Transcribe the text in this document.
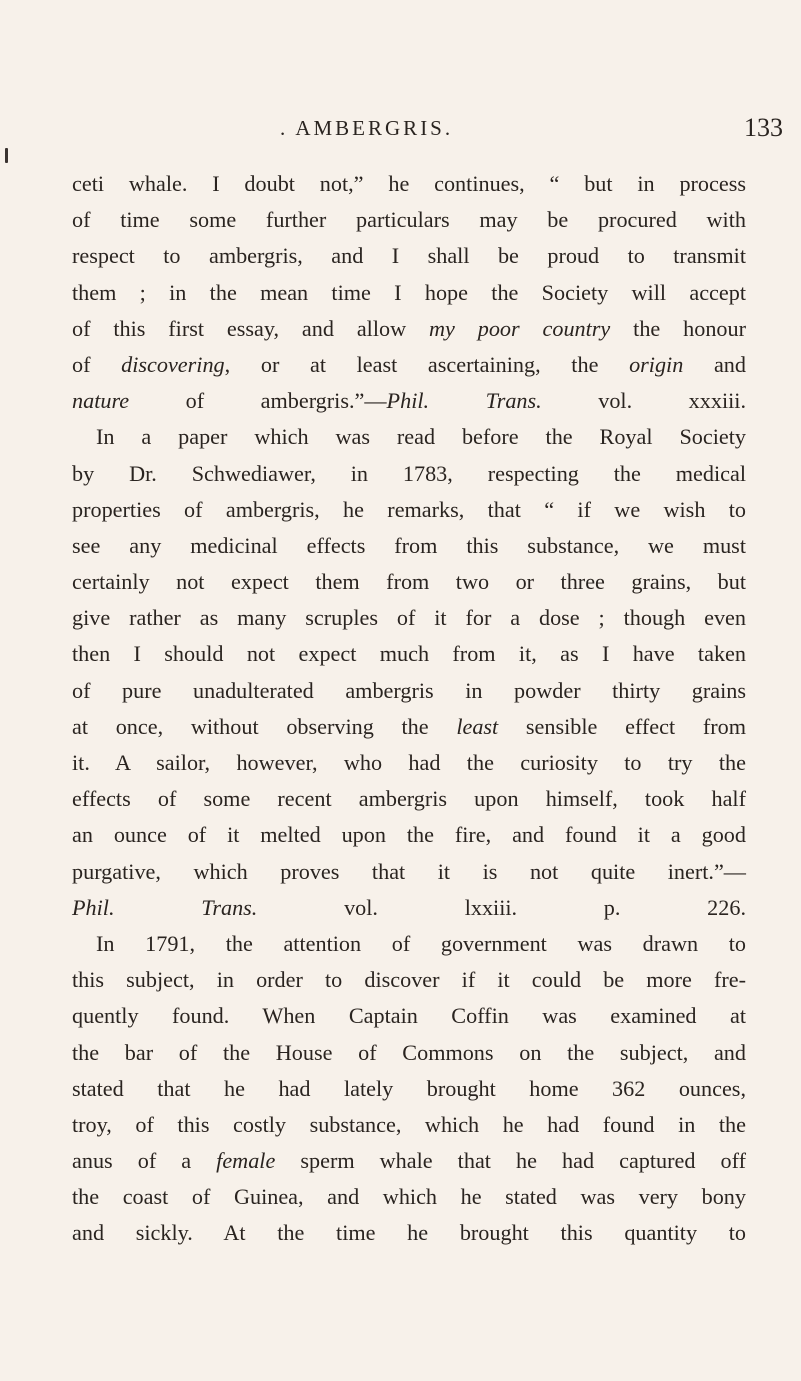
. AMBERGRIS.	133
ceti whale. I doubt not,” he continues, “ but in process
of time some further particulars may be procured with
respect to ambergris, and I shall be proud to transmit
them ; in the mean time I hope the Society will accept
of this first essay, and allow my poor country the honour
of discovering, or at least ascertaining, the origin and
nature of ambergris.”—Phil. Trans. vol. xxxiii.
In a paper which was read before the Royal Society
by Dr. Schwediawer, in 1783, respecting the medical
properties of ambergris, he remarks, that “ if we wish to
see any medicinal effects from this substance, we must
certainly not expect them from two or three grains, but
give rather as many scruples of it for a dose ; though even
then I should not expect much from it, as I have taken
of pure unadulterated ambergris in powder thirty grains
at once, without observing the least sensible effect from
it. A sailor, however, who had the curiosity to try the
effects of some recent ambergris upon himself, took half
an ounce of it melted upon the fire, and found it a good
purgative, which proves that it is not quite inert.”—
Phil. Trans. vol. lxxiii. p. 226.
In 1791, the attention of government was drawn to
this subject, in order to discover if it could be more fre-
quently found. When Captain Coffin was examined at
the bar of the House of Commons on the subject, and
stated that he had lately brought home 362 ounces,
troy, of this costly substance, which he had found in the
anus of a female sperm whale that he had captured off
the coast of Guinea, and which he stated was very bony
and sickly. At the time he brought this quantity to
